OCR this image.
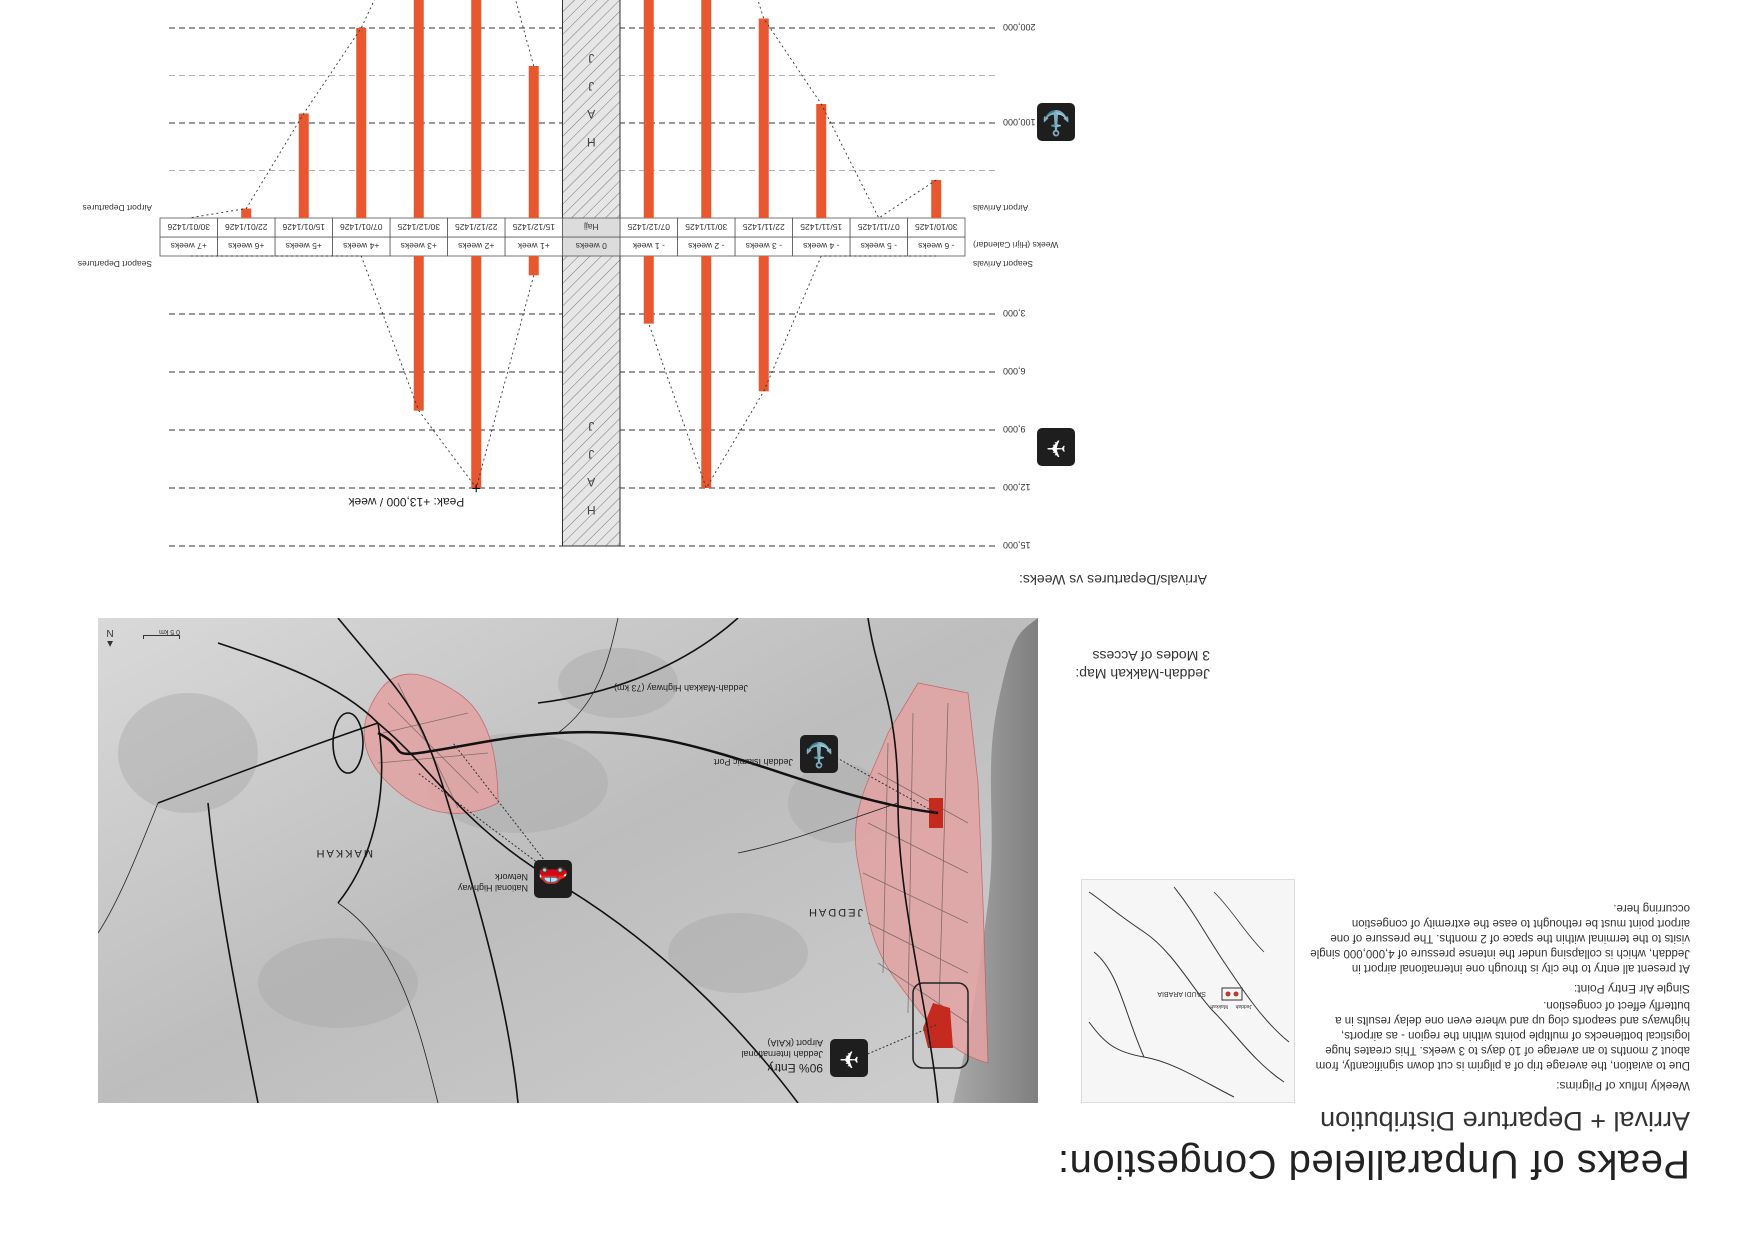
Peaks of Unparalleled Congestion:
Arrival + Departure Distribution
Weekly Influx of Pilgrims:

Due to aviation, the average trip of a pilgrim is cut down significantly, from about 2 months to an average of 10 days to 3 weeks. This creates huge logistical bottlenecks of multiple points within the region - as airports, highways and seaports clog up and where even one delay results in a butterfly effect of congestion.

Single Air Entry Point:

At present all entry to the city is through one international airport in Jeddah, which is collapsing under the intense pressure of 4,000,000 single visits to the terminal within the space of 2 months. The pressure of one airport point must be rethought to ease the extremity of congestion occurring here.

SAUDI ARABIA
Jeddah
Makkah
MAKKAH
JEDDAH
Jeddah-Makkah Highway (73 km)
✈
90% Entry
Jeddah International Airport (KAIA)
⚓
Jeddah Islamic Port
🚗
National Highway Network
▲
N	0 5 km
Jeddah-Makkah Map:
3 Modes of Access
Arrivals/Departures vs Weeks:
100,000
200,000
3,000
6,000
9,000
12,000
15,000
H
A
J
J
H
A
J
J
- 6 weeks
30/10/1425
- 5 weeks
07/11/1425
- 4 weeks
15/11/1425
- 3 weeks
22/11/1425
- 2 weeks
30/11/1425
- 1 week
07/12/1425
0 weeks
Hajj
+1 week
15/12/1425
+2 weeks
22/12/1425
+3 weeks
30/12/1425
+4 weeks
07/01/1426
+5 weeks
15/01/1426
+6 weeks
22/01/1426
+7 weeks
30/01/1426
Seaport Arrivals
Weeks (Hijri Calendar)
Airport Arrivals
Seaport Departures
Airport Departures
+
Peak: +13,000 / week
✈
⚓
